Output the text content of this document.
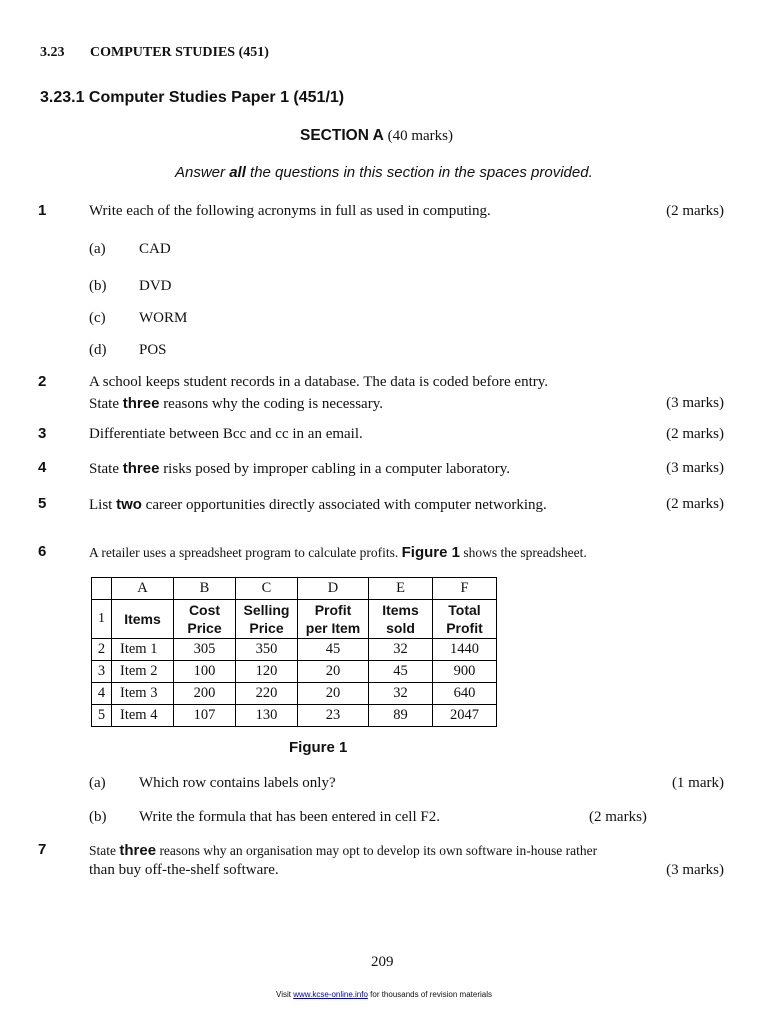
3.23 COMPUTER STUDIES (451)
3.23.1 Computer Studies Paper 1 (451/1)
SECTION A (40 marks)
Answer all the questions in this section in the spaces provided.
1	Write each of the following acronyms in full as used in computing.	(2 marks)
(a) CAD
(b) DVD
(c) WORM
(d) POS
2	A school keeps student records in a database. The data is coded before entry.
State three reasons why the coding is necessary.	(3 marks)
3	Differentiate between Bcc and cc in an email.	(2 marks)
4	State three risks posed by improper cabling in a computer laboratory.	(3 marks)
5	List two career opportunities directly associated with computer networking.	(2 marks)
6	A retailer uses a spreadsheet program to calculate profits. Figure 1 shows the spreadsheet.
	A	B	C	D	E	F
1	Items	Cost Price	Selling Price	Profit per Item	Items sold	Total Profit
2	Item 1	305	350	45	32	1440
3	Item 2	100	120	20	45	900
4	Item 3	200	220	20	32	640
5	Item 4	107	130	23	89	2047
Figure 1
(a) Which row contains labels only?	(1 mark)
(b) Write the formula that has been entered in cell F2.	(2 marks)
7	State three reasons why an organisation may opt to develop its own software in-house rather
than buy off-the-shelf software.	(3 marks)
209
Visit www.kcse-online.info for thousands of revision materials
